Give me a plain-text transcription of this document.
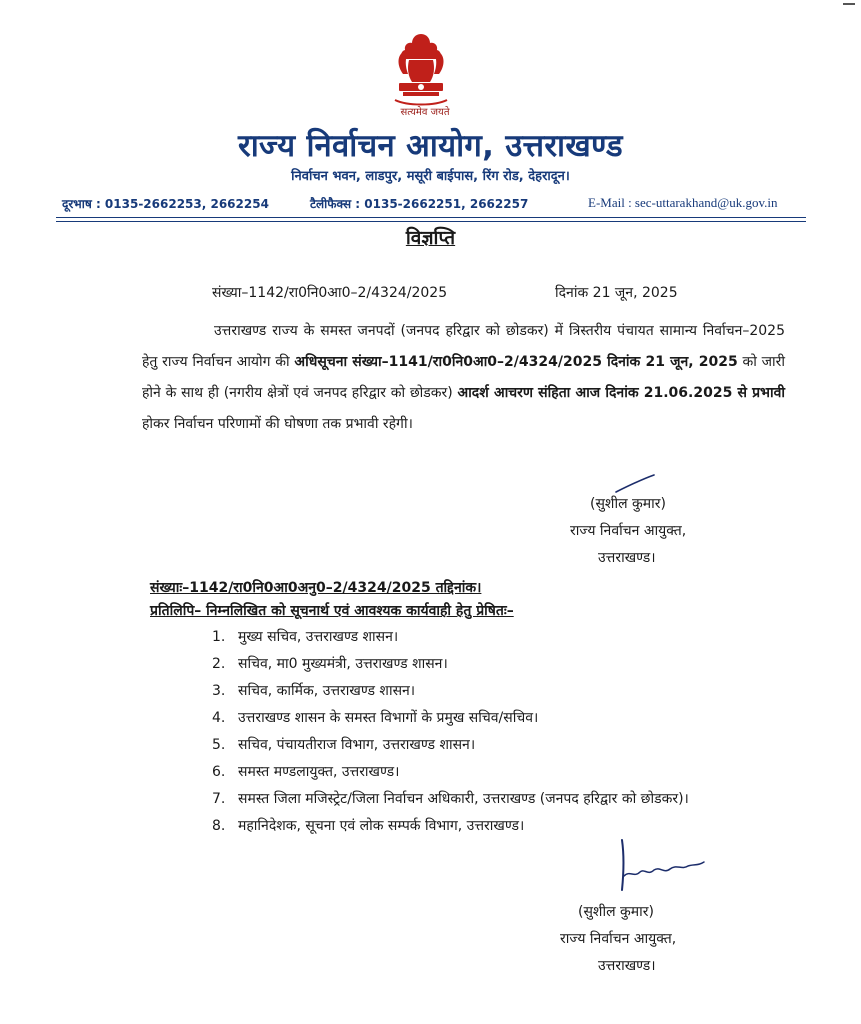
सत्यमेव जयते
राज्य निर्वाचन आयोग, उत्तराखण्ड
निर्वाचन भवन, लाडपुर, मसूरी बाईपास, रिंग रोड, देहरादून।
दूरभाष : 0135-2662253, 2662254	टैलीफैक्स : 0135-2662251, 2662257	E-Mail : sec-uttarakhand@uk.gov.in
विज्ञप्ति
संख्या–1142/रा0नि0आ0–2/4324/2025	दिनांक 21 जून, 2025
उत्तराखण्ड राज्य के समस्त जनपदों (जनपद हरिद्वार को छोडकर) में त्रिस्तरीय पंचायत सामान्य निर्वाचन–2025 हेतु राज्य निर्वाचन आयोग की अधिसूचना संख्या–1141/रा0नि0आ0–2/4324/2025 दिनांक 21 जून, 2025 को जारी होने के साथ ही (नगरीय क्षेत्रों एवं जनपद हरिद्वार को छोडकर) आदर्श आचरण संहिता आज दिनांक 21.06.2025 से प्रभावी होकर निर्वाचन परिणामों की घोषणा तक प्रभावी रहेगी।
(सुशील कुमार)
राज्य निर्वाचन आयुक्त,
उत्तराखण्ड।
संख्याः–1142/रा0नि0आ0अनु0–2/4324/2025 तद्दिनांक।
प्रतिलिपि– निम्नलिखित को सूचनार्थ एवं आवश्यक कार्यवाही हेतु प्रेषितः–
1. मुख्य सचिव, उत्तराखण्ड शासन।
2. सचिव, मा0 मुख्यमंत्री, उत्तराखण्ड शासन।
3. सचिव, कार्मिक, उत्तराखण्ड शासन।
4. उत्तराखण्ड शासन के समस्त विभागों के प्रमुख सचिव/सचिव।
5. सचिव, पंचायतीराज विभाग, उत्तराखण्ड शासन।
6. समस्त मण्डलायुक्त, उत्तराखण्ड।
7. समस्त जिला मजिस्ट्रेट/जिला निर्वाचन अधिकारी, उत्तराखण्ड (जनपद हरिद्वार को छोडकर)।
8. महानिदेशक, सूचना एवं लोक सम्पर्क विभाग, उत्तराखण्ड।
(सुशील कुमार)
राज्य निर्वाचन आयुक्त,
उत्तराखण्ड।
